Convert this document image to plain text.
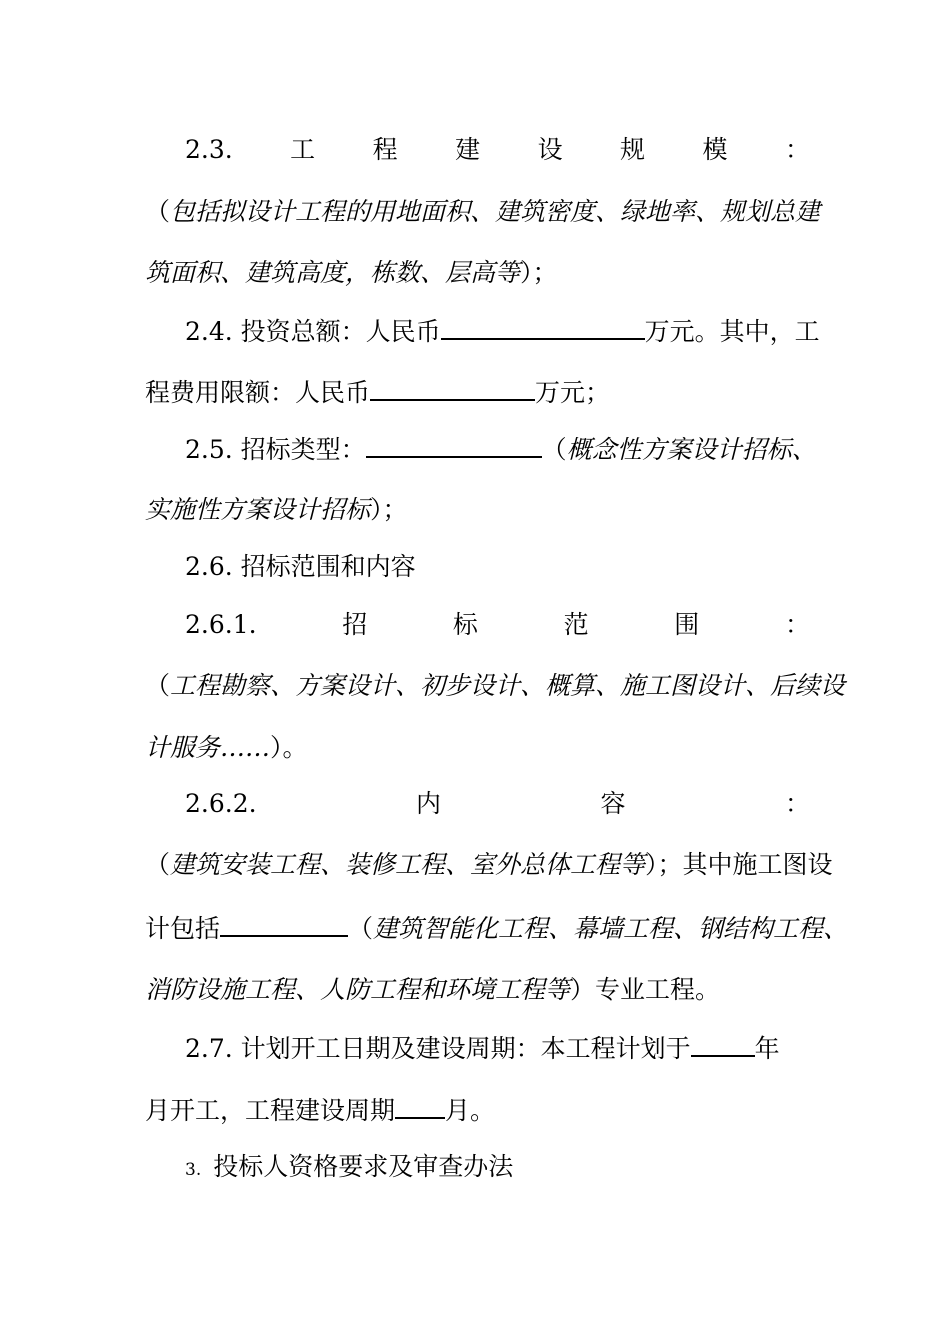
2.3. 工 程 建 设 规 模 ：
（包括拟设计工程的用地面积、建筑密度、绿地率、规划总建
筑面积、建筑高度，栋数、层高等）；
2.4. 投资总额：人民币	万元。其中，工
程费用限额：人民币	万元；
2.5. 招标类型：	（概念性方案设计招标、
实施性方案设计招标）；
2.6. 招标范围和内容
2.6.1.	招	标	范	围	：
（工程勘察、方案设计、初步设计、概算、施工图设计、后续设
计服务……）。
2.6.2.	内	容	：
（建筑安装工程、装修工程、室外总体工程等）；其中施工图设
计包括	（建筑智能化工程、幕墙工程、钢结构工程、
消防设施工程、人防工程和环境工程等）专业工程。
2.7. 计划开工日期及建设周期：本工程计划于	年
月开工，工程建设周期 月。
3. 投标人资格要求及审查办法
